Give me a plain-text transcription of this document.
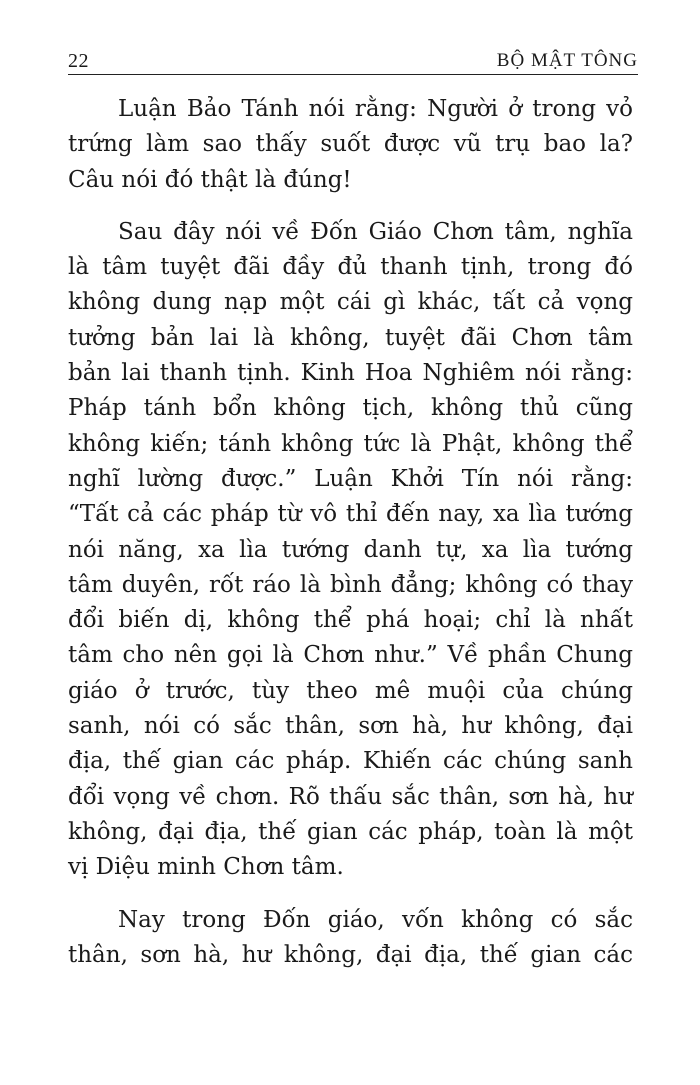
22	BỘ MẬT TÔNG

Luận Bảo Tánh nói rằng: Người ở trong vỏ
trứng làm sao thấy suốt được vũ trụ bao la?
Câu nói đó thật là đúng!

Sau đây nói về Đốn Giáo Chơn tâm, nghĩa
là tâm tuyệt đãi đầy đủ thanh tịnh, trong đó
không dung nạp một cái gì khác, tất cả vọng
tưởng bản lai là không, tuyệt đãi Chơn tâm
bản lai thanh tịnh. Kinh Hoa Nghiêm nói rằng:
Pháp tánh bổn không tịch, không thủ cũng
không kiến; tánh không tức là Phật, không thể
nghĩ lường được.” Luận Khởi Tín nói rằng:
“Tất cả các pháp từ vô thỉ đến nay, xa lìa tướng
nói năng, xa lìa tướng danh tự, xa lìa tướng
tâm duyên, rốt ráo là bình đẳng; không có thay
đổi biến dị, không thể phá hoại; chỉ là nhất
tâm cho nên gọi là Chơn như.” Về phần Chung
giáo ở trước, tùy theo mê muội của chúng
sanh, nói có sắc thân, sơn hà, hư không, đại
địa, thế gian các pháp. Khiến các chúng sanh
đổi vọng về chơn. Rõ thấu sắc thân, sơn hà, hư
không, đại địa, thế gian các pháp, toàn là một
vị Diệu minh Chơn tâm.

Nay trong Đốn giáo, vốn không có sắc
thân, sơn hà, hư không, đại địa, thế gian các
